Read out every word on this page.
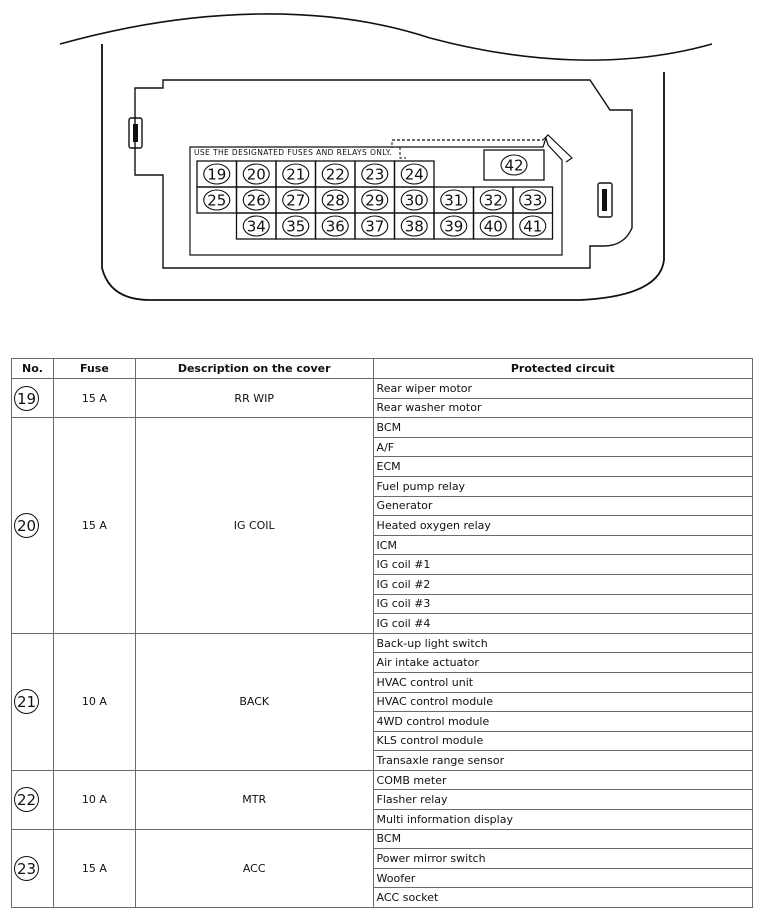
USE THE DESIGNATED FUSES AND RELAYS ONLY.
19 20 21 22 23 24
25 26 27 28 29 30 31 32 33
34 35 36 37 38 39 40 41
42
No.	Fuse	Description on the cover	Protected circuit
19	15 A	RR WIP	Rear wiper motor
			Rear washer motor
20	15 A	IG COIL	BCM
			A/F
			ECM
			Fuel pump relay
			Generator
			Heated oxygen relay
			ICM
			IG coil #1
			IG coil #2
			IG coil #3
			IG coil #4
21	10 A	BACK	Back-up light switch
			Air intake actuator
			HVAC control unit
			HVAC control module
			4WD control module
			KLS control module
			Transaxle range sensor
22	10 A	MTR	COMB meter
			Flasher relay
			Multi information display
23	15 A	ACC	BCM
			Power mirror switch
			Woofer
			ACC socket
